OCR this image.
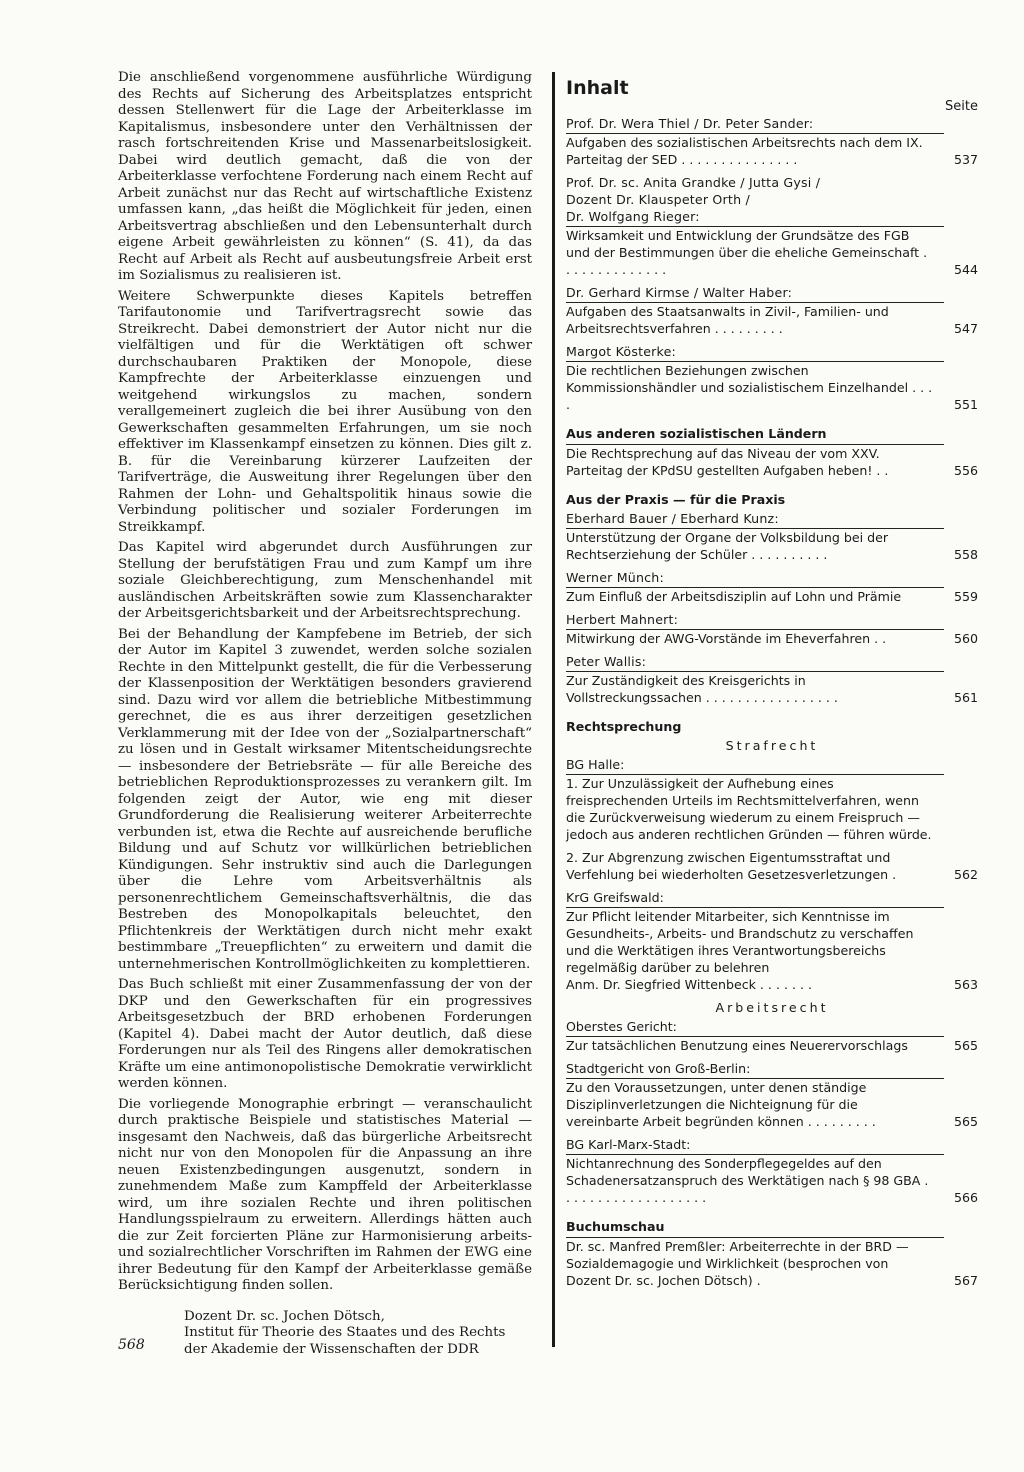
Die anschließend vorgenommene ausführliche Würdigung des Rechts auf Sicherung des Arbeitsplatzes entspricht dessen Stellenwert für die Lage der Arbeiterklasse im Kapitalismus, insbesondere unter den Verhältnissen der rasch fortschreitenden Krise und Massenarbeitslosigkeit. Dabei wird deutlich gemacht, daß die von der Arbeiterklasse verfochtene Forderung nach einem Recht auf Arbeit zunächst nur das Recht auf wirtschaftliche Existenz umfassen kann, „das heißt die Möglichkeit für jeden, einen Arbeitsvertrag abschließen und den Lebensunterhalt durch eigene Arbeit gewährleisten zu können“ (S. 41), da das Recht auf Arbeit als Recht auf ausbeutungsfreie Arbeit erst im Sozialismus zu realisieren ist.

Weitere Schwerpunkte dieses Kapitels betreffen Tarifautonomie und Tarifvertragsrecht sowie das Streikrecht. Dabei demonstriert der Autor nicht nur die vielfältigen und für die Werktätigen oft schwer durchschaubaren Praktiken der Monopole, diese Kampfrechte der Arbeiterklasse einzuengen und weitgehend wirkungslos zu machen, sondern verallgemeinert zugleich die bei ihrer Ausübung von den Gewerkschaften gesammelten Erfahrungen, um sie noch effektiver im Klassenkampf einsetzen zu können. Dies gilt z. B. für die Vereinbarung kürzerer Laufzeiten der Tarifverträge, die Ausweitung ihrer Regelungen über den Rahmen der Lohn- und Gehaltspolitik hinaus sowie die Verbindung politischer und sozialer Forderungen im Streikkampf.

Das Kapitel wird abgerundet durch Ausführungen zur Stellung der berufstätigen Frau und zum Kampf um ihre soziale Gleichberechtigung, zum Menschenhandel mit ausländischen Arbeitskräften sowie zum Klassencharakter der Arbeitsgerichtsbarkeit und der Arbeitsrechtsprechung.

Bei der Behandlung der Kampfebene im Betrieb, der sich der Autor im Kapitel 3 zuwendet, werden solche sozialen Rechte in den Mittelpunkt gestellt, die für die Verbesserung der Klassenposition der Werktätigen besonders gravierend sind. Dazu wird vor allem die betriebliche Mitbestimmung gerechnet, die es aus ihrer derzeitigen gesetzlichen Verklammerung mit der Idee von der „Sozialpartnerschaft“ zu lösen und in Gestalt wirksamer Mitentscheidungsrechte — insbesondere der Betriebsräte — für alle Bereiche des betrieblichen Reproduktionsprozesses zu verankern gilt. Im folgenden zeigt der Autor, wie eng mit dieser Grundforderung die Realisierung weiterer Arbeiterrechte verbunden ist, etwa die Rechte auf ausreichende berufliche Bildung und auf Schutz vor willkürlichen betrieblichen Kündigungen. Sehr instruktiv sind auch die Darlegungen über die Lehre vom Arbeitsverhältnis als personenrechtlichem Gemeinschaftsverhältnis, die das Bestreben des Monopolkapitals beleuchtet, den Pflichtenkreis der Werktätigen durch nicht mehr exakt bestimmbare „Treuepflichten“ zu erweitern und damit die unternehmerischen Kontrollmöglichkeiten zu komplettieren.

Das Buch schließt mit einer Zusammenfassung der von der DKP und den Gewerkschaften für ein progressives Arbeitsgesetzbuch der BRD erhobenen Forderungen (Kapitel 4). Dabei macht der Autor deutlich, daß diese Forderungen nur als Teil des Ringens aller demokratischen Kräfte um eine antimonopolistische Demokratie verwirklicht werden können.

Die vorliegende Monographie erbringt — veranschaulicht durch praktische Beispiele und statistisches Material — insgesamt den Nachweis, daß das bürgerliche Arbeitsrecht nicht nur von den Monopolen für die Anpassung an ihre neuen Existenzbedingungen ausgenutzt, sondern in zunehmendem Maße zum Kampffeld der Arbeiterklasse wird, um ihre sozialen Rechte und ihren politischen Handlungsspielraum zu erweitern. Allerdings hätten auch die zur Zeit forcierten Pläne zur Harmonisierung arbeits- und sozialrechtlicher Vorschriften im Rahmen der EWG eine ihrer Bedeutung für den Kampf der Arbeiterklasse gemäße Berücksichtigung finden sollen.

Dozent Dr. sc. Jochen Dötsch,
Institut für Theorie des Staates und des Rechts
der Akademie der Wissenschaften der DDR
568
Inhalt
Seite
Prof. Dr. Wera Thiel / Dr. Peter Sander:
Aufgaben des sozialistischen Arbeitsrechts nach dem IX. Parteitag der SED . . . . . . . . . . . . . . .	537
Prof. Dr. sc. Anita Grandke / Jutta Gysi /
Dozent Dr. Klauspeter Orth /
Dr. Wolfgang Rieger:
Wirksamkeit und Entwicklung der Grundsätze des FGB und der Bestimmungen über die eheliche Gemeinschaft . . . . . . . . . . . . . .	544
Dr. Gerhard Kirmse / Walter Haber:
Aufgaben des Staatsanwalts in Zivil-, Familien- und Arbeitsrechtsverfahren . . . . . . . . .	547
Margot Kösterke:
Die rechtlichen Beziehungen zwischen Kommissionshändler und sozialistischem Einzelhandel . . . .	551
Aus anderen sozialistischen Ländern
Die Rechtsprechung auf das Niveau der vom XXV. Parteitag der KPdSU gestellten Aufgaben heben! . .	556
Aus der Praxis — für die Praxis
Eberhard Bauer / Eberhard Kunz:
Unterstützung der Organe der Volksbildung bei der Rechtserziehung der Schüler . . . . . . . . . .	558
Werner Münch:
Zum Einfluß der Arbeitsdisziplin auf Lohn und Prämie	559
Herbert Mahnert:
Mitwirkung der AWG-Vorstände im Eheverfahren . .	560
Peter Wallis:
Zur Zuständigkeit des Kreisgerichts in Vollstreckungssachen . . . . . . . . . . . . . . . . .	561
Rechtsprechung
Strafrecht
BG Halle:
1. Zur Unzulässigkeit der Aufhebung eines freisprechenden Urteils im Rechtsmittelverfahren, wenn die Zurückverweisung wiederum zu einem Freispruch — jedoch aus anderen rechtlichen Gründen — führen würde.
2. Zur Abgrenzung zwischen Eigentumsstraftat und Verfehlung bei wiederholten Gesetzesverletzungen .	562
KrG Greifswald:
Zur Pflicht leitender Mitarbeiter, sich Kenntnisse im Gesundheits-, Arbeits- und Brandschutz zu verschaffen und die Werktätigen ihres Verantwortungsbereichs regelmäßig darüber zu belehren
Anm. Dr. Siegfried Wittenbeck . . . . . . .	563
Arbeitsrecht
Oberstes Gericht:
Zur tatsächlichen Benutzung eines Neuerervorschlags	565
Stadtgericht von Groß-Berlin:
Zu den Voraussetzungen, unter denen ständige Disziplinverletzungen die Nichteignung für die vereinbarte Arbeit begründen können . . . . . . . . .	565
BG Karl-Marx-Stadt:
Nichtanrechnung des Sonderpflegegeldes auf den Schadenersatzanspruch des Werktätigen nach § 98 GBA . . . . . . . . . . . . . . . . . . .	566
Buchumschau
Dr. sc. Manfred Premßler: Arbeiterrechte in der BRD — Sozialdemagogie und Wirklichkeit (besprochen von Dozent Dr. sc. Jochen Dötsch) .	567
